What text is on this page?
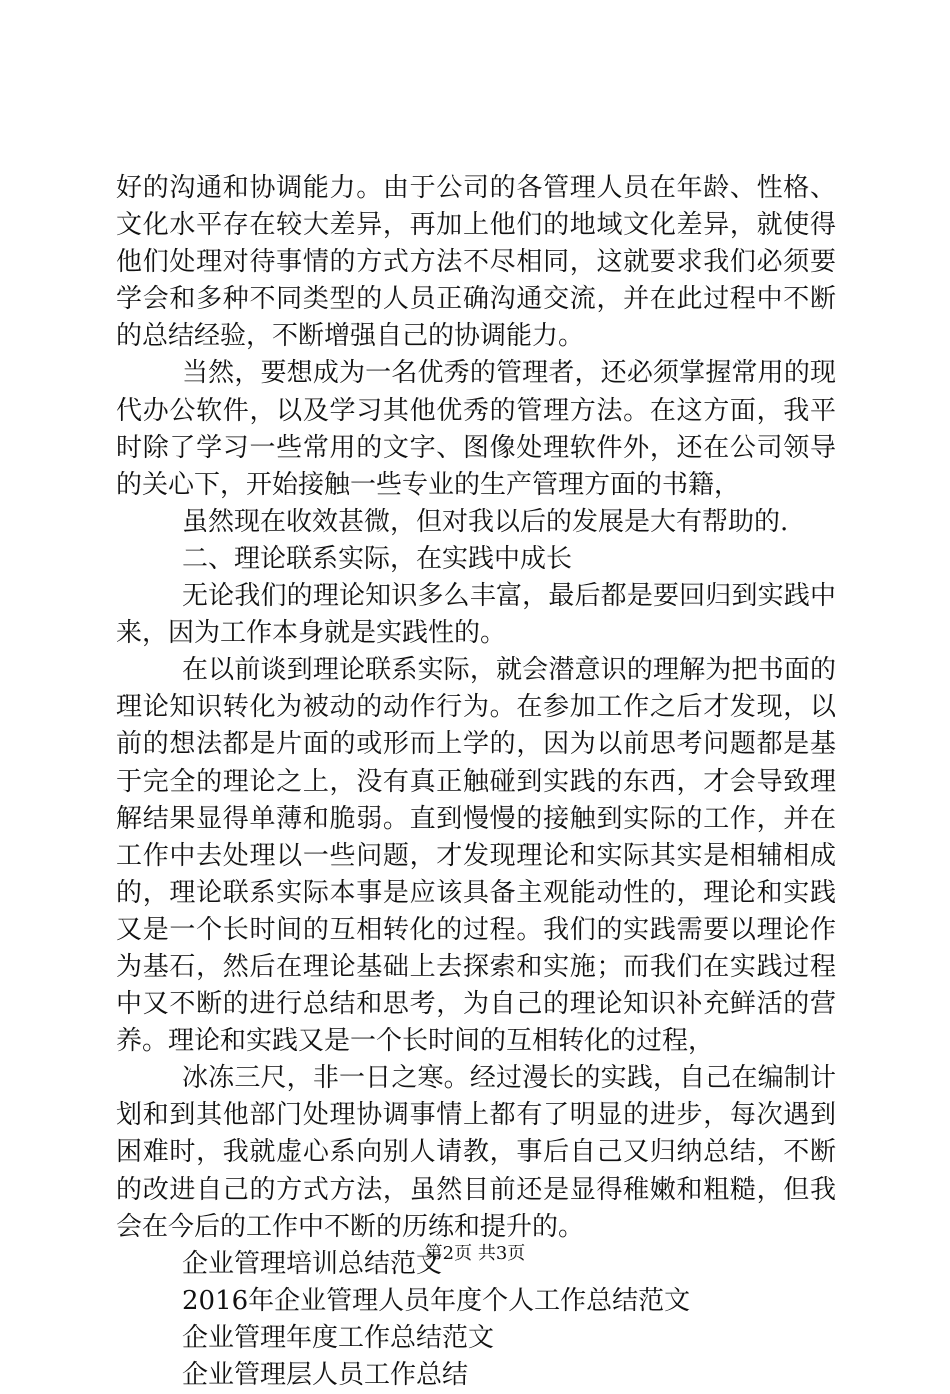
好的沟通和协调能力。由于公司的各管理人员在年龄、性格、
文化水平存在较大差异，再加上他们的地域文化差异，就使得
他们处理对待事情的方式方法不尽相同，这就要求我们必须要
学会和多种不同类型的人员正确沟通交流，并在此过程中不断
的总结经验，不断增强自己的协调能力。
当然，要想成为一名优秀的管理者，还必须掌握常用的现
代办公软件，以及学习其他优秀的管理方法。在这方面，我平
时除了学习一些常用的文字、图像处理软件外，还在公司领导
的关心下，开始接触一些专业的生产管理方面的书籍，
虽然现在收效甚微，但对我以后的发展是大有帮助的.
二、理论联系实际，在实践中成长
无论我们的理论知识多么丰富，最后都是要回归到实践中
来，因为工作本身就是实践性的。
在以前谈到理论联系实际，就会潜意识的理解为把书面的
理论知识转化为被动的动作行为。在参加工作之后才发现，以
前的想法都是片面的或形而上学的，因为以前思考问题都是基
于完全的理论之上，没有真正触碰到实践的东西，才会导致理
解结果显得单薄和脆弱。直到慢慢的接触到实际的工作，并在
工作中去处理以一些问题，才发现理论和实际其实是相辅相成
的，理论联系实际本事是应该具备主观能动性的，理论和实践
又是一个长时间的互相转化的过程。我们的实践需要以理论作
为基石，然后在理论基础上去探索和实施；而我们在实践过程
中又不断的进行总结和思考，为自己的理论知识补充鲜活的营
养。理论和实践又是一个长时间的互相转化的过程，
冰冻三尺，非一日之寒。经过漫长的实践，自己在编制计
划和到其他部门处理协调事情上都有了明显的进步，每次遇到
困难时，我就虚心系向别人请教，事后自己又归纳总结，不断
的改进自己的方式方法，虽然目前还是显得稚嫩和粗糙，但我
会在今后的工作中不断的历练和提升的。
企业管理培训总结范文
2016年企业管理人员年度个人工作总结范文
企业管理年度工作总结范文
企业管理层人员工作总结
第2页 共3页
